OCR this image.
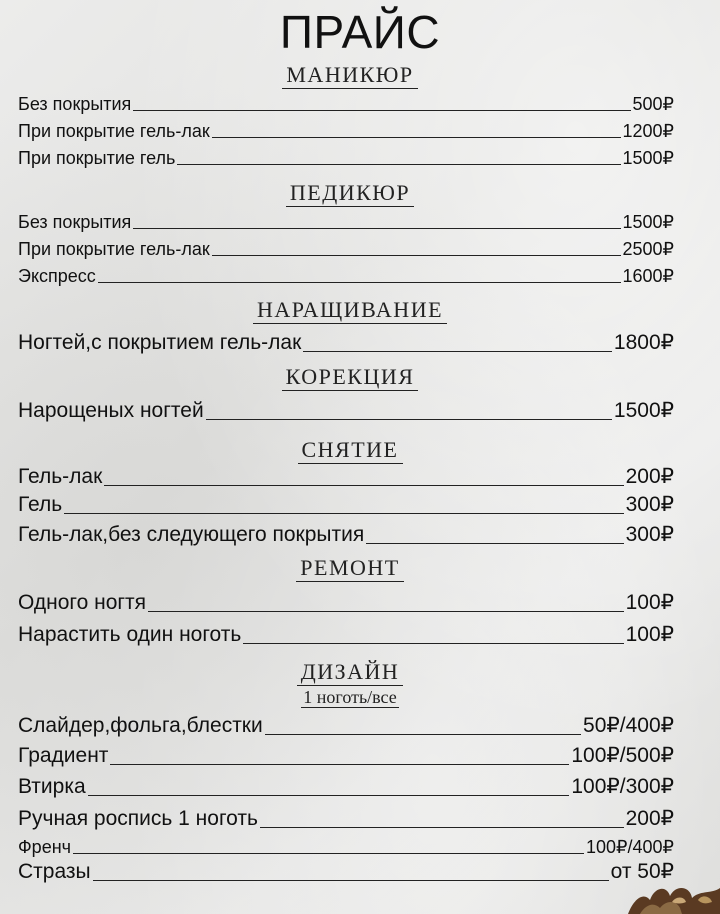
ПРАЙС
МАНИКЮР
Без покрытия	500₽
При покрытие гель-лак	1200₽
При покрытие гель	1500₽
ПЕДИКЮР
Без покрытия	1500₽
При покрытие гель-лак	2500₽
Экспресс	1600₽
НАРАЩИВАНИЕ
Ногтей,с покрытием гель-лак	1800₽
КОРЕКЦИЯ
Нарощеных ногтей	1500₽
СНЯТИЕ
Гель-лак	200₽
Гель	300₽
Гель-лак,без следующего покрытия	300₽
РЕМОНТ
Одного ногтя	100₽
Нарастить один ноготь	100₽
ДИЗАЙН
1 ноготь/все
Слайдер,фольга,блестки	50₽/400₽
Градиент	100₽/500₽
Втирка	100₽/300₽
Ручная роспись 1 ноготь	200₽
Френч	100₽/400₽
Стразы	от 50₽
